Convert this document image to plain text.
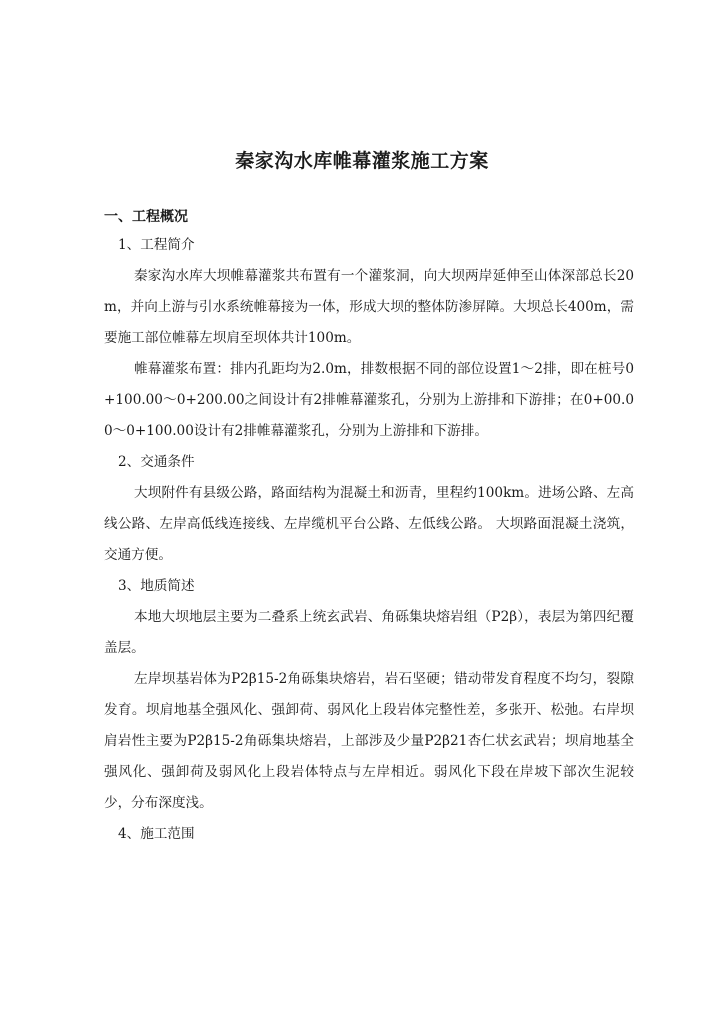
秦家沟水库帷幕灌浆施工方案
一、工程概况

1、工程简介

秦家沟水库大坝帷幕灌浆共布置有一个灌浆洞，向大坝两岸延伸至山体深部总长20m，并向上游与引水系统帷幕接为一体，形成大坝的整体防渗屏障。大坝总长400m，需要施工部位帷幕左坝肩至坝体共计100m。

帷幕灌浆布置：排内孔距均为2.0m，排数根据不同的部位设置1～2排，即在桩号0+100.00～0+200.00之间设计有2排帷幕灌浆孔，分别为上游排和下游排；在0+00.00～0+100.00设计有2排帷幕灌浆孔，分别为上游排和下游排。

2、交通条件

大坝附件有县级公路，路面结构为混凝土和沥青，里程约100km。进场公路、左高线公路、左岸高低线连接线、左岸缆机平台公路、左低线公路。 大坝路面混凝土浇筑，交通方便。

3、地质简述

本地大坝地层主要为二叠系上统玄武岩、角砾集块熔岩组（P2β），表层为第四纪覆盖层。

左岸坝基岩体为P2β15-2角砾集块熔岩，岩石坚硬；错动带发育程度不均匀，裂隙发育。坝肩地基全强风化、强卸荷、弱风化上段岩体完整性差，多张开、松弛。右岸坝肩岩性主要为P2β15-2角砾集块熔岩，上部涉及少量P2β21杏仁状玄武岩；坝肩地基全强风化、强卸荷及弱风化上段岩体特点与左岸相近。弱风化下段在岸坡下部次生泥较少，分布深度浅。

4、施工范围
